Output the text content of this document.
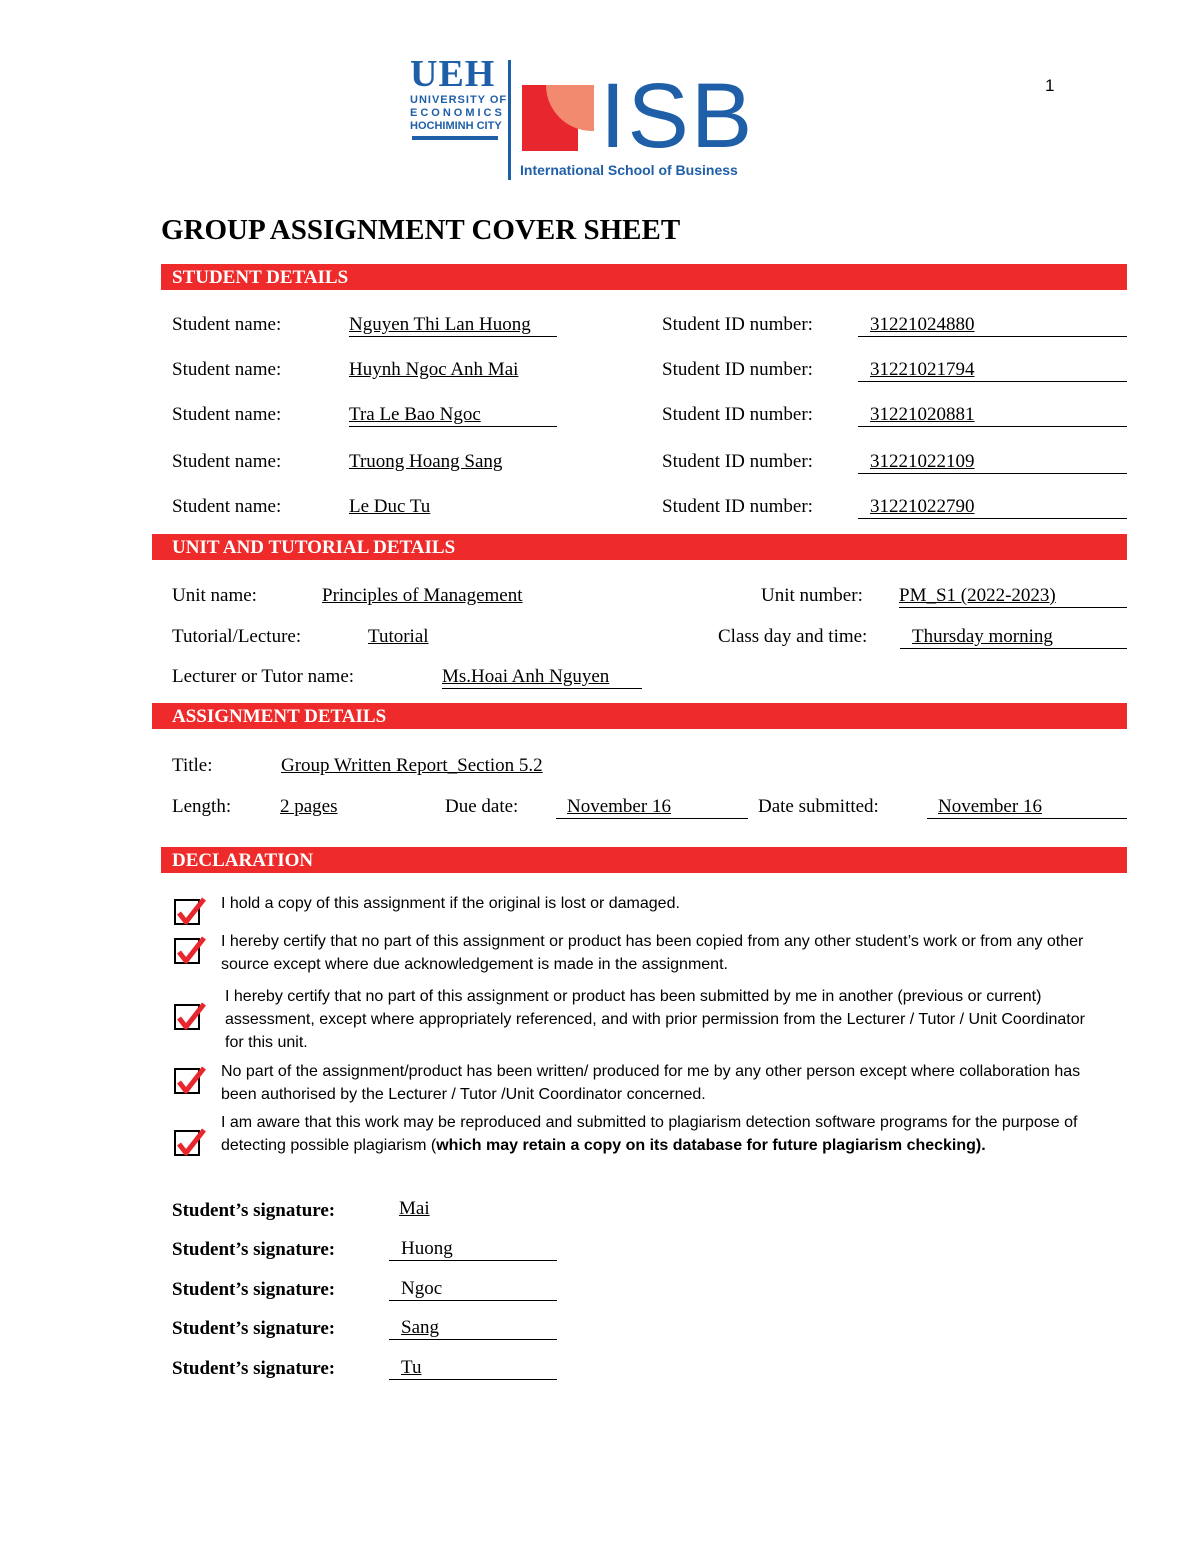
1
UEH
UNIVERSITY OF
ECONOMICS
HOCHIMINH CITY ISB
International School of Business
GROUP ASSIGNMENT COVER SHEET
STUDENT DETAILS
Student name:	Nguyen Thi Lan Huong	Student ID number:	31221024880
Student name:	Huynh Ngoc Anh Mai	Student ID number:	31221021794
Student name:	Tra Le Bao Ngoc	Student ID number:	31221020881
Student name:	Truong Hoang Sang	Student ID number:	31221022109
Student name:	Le Duc Tu	Student ID number:	31221022790
UNIT AND TUTORIAL DETAILS
Unit name:	Principles of Management	Unit number: PM_S1 (2022-2023)
Tutorial/Lecture:	Tutorial	Class day and time:	Thursday morning
Lecturer or Tutor name:	Ms.Hoai Anh Nguyen
ASSIGNMENT DETAILS
Title:	Group Written Report_Section 5.2
Length:	2 pages	Due date:	November 16	Date submitted:	November 16
DECLARATION
I hold a copy of this assignment if the original is lost or damaged.
I hereby certify that no part of this assignment or product has been copied from any other student’s work or from any other source except where due acknowledgement is made in the assignment.
I hereby certify that no part of this assignment or product has been submitted by me in another (previous or current) assessment, except where appropriately referenced, and with prior permission from the Lecturer / Tutor / Unit Coordinator for this unit.
No part of the assignment/product has been written/ produced for me by any other person except where collaboration has been authorised by the Lecturer / Tutor /Unit Coordinator concerned.
I am aware that this work may be reproduced and submitted to plagiarism detection software programs for the purpose of detecting possible plagiarism (which may retain a copy on its database for future plagiarism checking).
Student’s signature:	Mai
Student’s signature:	Huong
Student’s signature:	Ngoc
Student’s signature:	Sang
Student’s signature:	Tu
